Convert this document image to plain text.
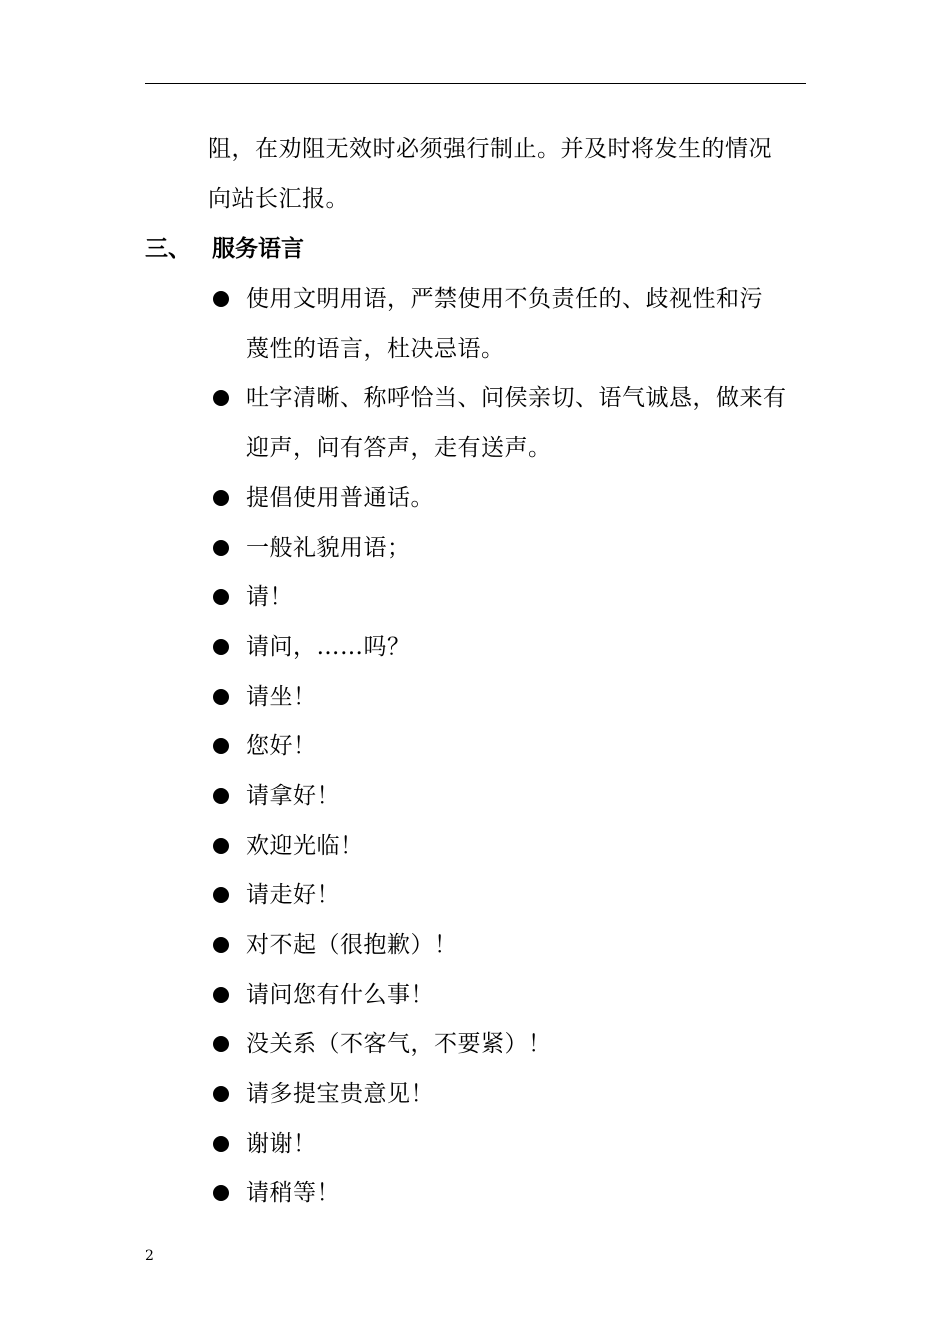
阻，在劝阻无效时必须强行制止。并及时将发生的情况
向站长汇报。
三、 服务语言
使用文明用语，严禁使用不负责任的、歧视性和污
蔑性的语言，杜决忌语。
吐字清晰、称呼恰当、问侯亲切、语气诚恳，做来有
迎声，问有答声，走有送声。
提倡使用普通话。
一般礼貌用语；
请！
请问，……吗？
请坐！
您好！
请拿好！
欢迎光临！
请走好！
对不起（很抱歉）！
请问您有什么事！
没关系（不客气，不要紧）！
请多提宝贵意见！
谢谢！
请稍等！
2
